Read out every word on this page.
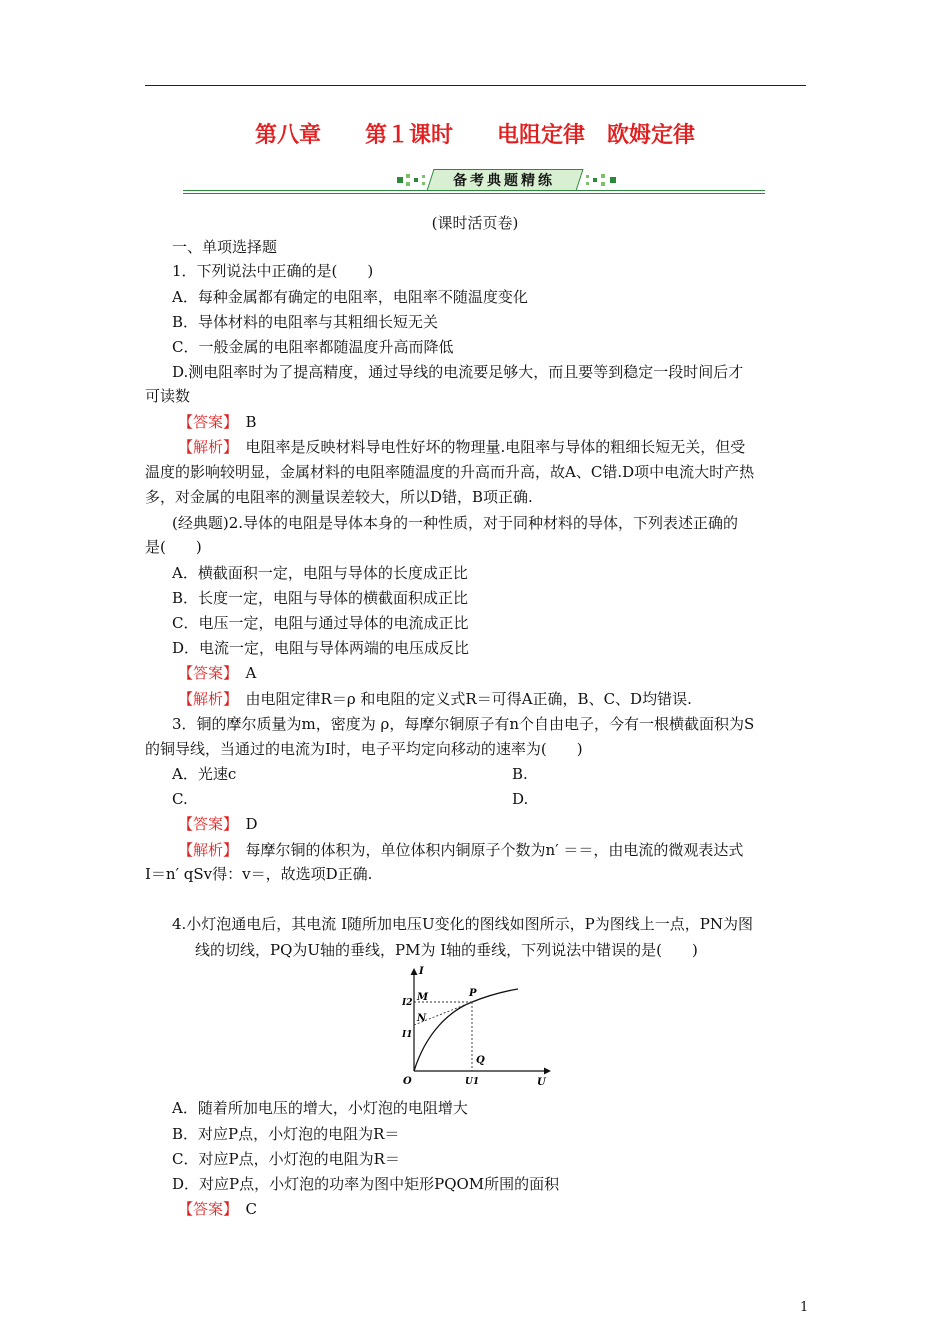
第八章　　第１课时　　电阻定律　欧姆定律
备考典题精练
(课时活页卷)
一、单项选择题
1．下列说法中正确的是(　　)
A．每种金属都有确定的电阻率，电阻率不随温度变化
B．导体材料的电阻率与其粗细长短无关
C．一般金属的电阻率都随温度升高而降低
D.测电阻率时为了提高精度，通过导线的电流要足够大，而且要等到稳定一段时间后才
可读数
【答案】　 B
【解析】　 电阻率是反映材料导电性好坏的物理量.电阻率与导体的粗细长短无关，但受
温度的影响较明显，金属材料的电阻率随温度的升高而升高，故A、C错.D项中电流大时产热
多，对金属的电阻率的测量误差较大，所以D错，B项正确.
(经典题)2.导体的电阻是导体本身的一种性质，对于同种材料的导体，下列表述正确的
是(　　)
A．横截面积一定，电阻与导体的长度成正比
B．长度一定，电阻与导体的横截面积成正比
C．电压一定，电阻与通过导体的电流成正比
D．电流一定，电阻与导体两端的电压成反比
【答案】　 A
【解析】　 由电阻定律R＝ρ 和电阻的定义式R＝可得A正确，B、C、D均错误.
3．铜的摩尔质量为m，密度为 ρ，每摩尔铜原子有n个自由电子，今有一根横截面积为S
的铜导线，当通过的电流为I时，电子平均定向移动的速率为(　　)
A．光速c	B.
C.	D.
【答案】　 D
【解析】　 每摩尔铜的体积为，单位体积内铜原子个数为n′ ＝＝，由电流的微观表达式
I＝n′ qSv得：v＝，故选项D正确.
4.小灯泡通电后，其电流 I随所加电压U变化的图线如图所示，P为图线上一点，PN为图
线的切线，PQ为U轴的垂线，PM为 I轴的垂线，下列说法中错误的是(　　)
I
U
O
I2
I1
U1
M
N
P
Q
A．随着所加电压的增大，小灯泡的电阻增大
B．对应P点，小灯泡的电阻为R＝
C．对应P点，小灯泡的电阻为R＝
D．对应P点，小灯泡的功率为图中矩形PQOM所围的面积
【答案】　 C
1
